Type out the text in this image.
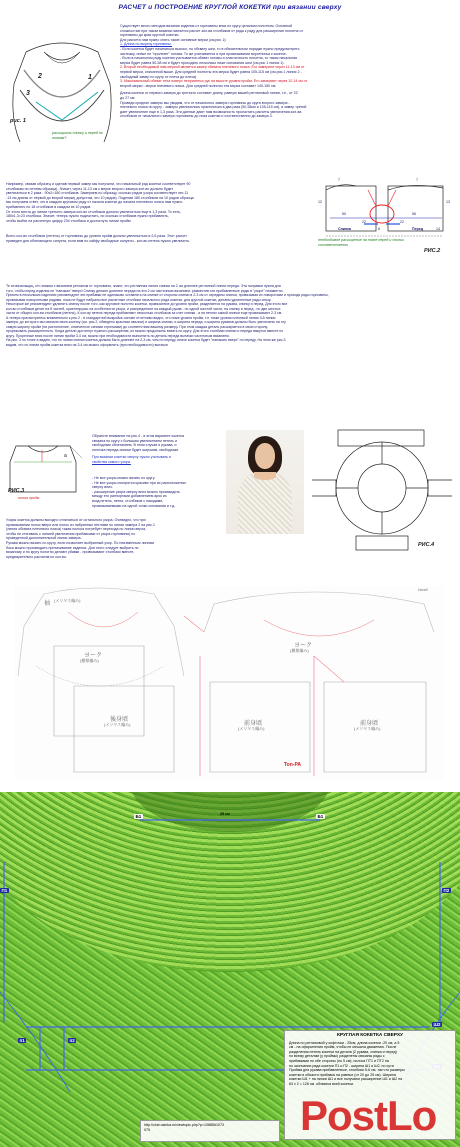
РАСЧЕТ и ПОСТРОЕНИЕ КРУГЛОЙ КОКЕТКИ при вязании сверху
1
2
3
рис. 1
расширить спинку и перед по линиям?
Существует много методов вязания изделия от горловины вниз по кругу цельным полотном. Основной
сложностью при таком вязании является расчет кол-ва столбиков от ряда к ряду для расширения полотна от
горловины до края круглой кокетки.
Для расчета нам нужно снять такие основные мерки (см.рис 1):
1. Длина по вырезу горловины.
- Если кокетка будет начинаться высоко, по обхвату шеи, то в обязательном порядке нужно предусмотреть
застежку, иначе не "пролезет" голова. То же учитывается и при провязывании воротничка к кокетке.
- Если в начальном ряду кокетки учитывается обхват головы и эластичность полотна, то такая начальная
мерка будет равна 50-58 см и будет проходить несколько ниже основания шеи (см.рис 1 линия 1).
2. Второй необходимой нам меркой является замер обхвата плечевого пояса. Его замеряют через 11-13 см от
первой мерки, описанной выше. Для средней полноты эта мерка будет равна 105-115 см (см.рис.1 линия 2 -
свободный замер по кругу от плеча до плеча)
3. Максимальный обхват тела поверх неприятных рук на высоте уровня пройм. Его замеряют через 12-14 см от
второй мерки - мерки плечевого пояса. Для средней полноты эта мерка составит 140-150 см.
Длина кокетки от первого замера до третьего составит длину, равную вашей реглановой линии, т.е., от 23
до 27 см.
Проведя средние замеры мы увидим, что от начального замера горловины до круга второго замера -
плечевого пояса по кругу - замеры увеличились практически в два раза (50-58см и 105-115 см), а замер третий
дает увеличение еще в 1,3 раза. Эти данные дают нам возможность просчитать расчеты увеличения кол-ва
столбиков от начального замера горловины до низа кокетки и соответственно до замера 3.
Например, связав образец и сделав первый замер мы получили, что начальный ряд кокетки соответствует 90
столбикам по петлям образца). Значит, через 11-13 см к мерке второго замера кол-во должно будет
увеличиться в 2 раза - 90х2=180 столбиков. Замеряем по образцу, сколько рядов узора соответствует эти 11
-13 см длины от первой до второй мерки( допустим, это 10 рядов). Поделив 180 столбиков на 10 рядов образца
мы получаем ответ, что в каждом круговом ряду от начала кокетки до начала плечевого пояса нам нужно
прибавлять по 18 столбиков в каждом из 10 рядов.
От этого места до линии третьего замера кол-во столбиков должно увеличиться еще в 1,3 раза. То есть,
180х1,3=23 столбика. Значит, теперь нужно подсчитать, по сколько столбиков нужно прибавлять,
чтобы выйти на расчетную цифру 234 столбика и достигнуть линии пройм.
Всего кол-во столбиков (петель) от горловины до уровня пройм должно увеличиться в 2,6 раза. Этот расчет
приведен для облегающего силуэта, если вам по кайфу свободные силуэты - кол-во петель нужно увеличить.
7	7
12	13
50	56
22	22
Спинка	Перед
6	14
необходимое расширение на поясе перед и спинки соответственно
РИС.2
Те из вязальщиц, кто знаком с вязанием регланом от горловины, знают, что регланная линия спинки на 2 см длиннее регланной линии переда. Эта поправка нужна для
того, чтобы перед изделия не "наезжал" вверх! Спинку делают длиннее переда на эти 2 см частичным вязанием, разместив эти прибавленные ряды в "узорe" незаметно.
Причем в нескольких изделиях рекомендуют эти прибавки не одинаково оставлять на спинке от стороны спинки в 2-3 см от середины спинки, провязывая их поворотами и проходя ряды горловины,
провязывая поворотными рядами, пока не будут набраны все расчетные столбики начального ряда кокетки, для круглой кокетки, делаем удлиненные ряды снизу.
Некоторые же рекомендуют удлинять спинку после того, как круговое полотно кокетки, провязанное до уровня пройм, разделяется на рукава, спинку и перед. Для этого все
кол-во столбиков делят на 6 частей, ориентируясь на особенности узора, и распределяют на каждый рукав - по одной шестой части, на спинку и перед - по две шестых
части от общего кол-ва столбиков (петель). К кол-ву петель переда прибавляют несколько столбиков за счет спинки , а на петлях самой спинки еще провязывают 2-3 см.
А теперь присмотритесь внимательно к рис.2 - в стандартной выкройке-основе отчетливо видно, что ниже уровня пройм, т.е. ниже уровня плечевой линии 3-й линии
замера, до которого мы связали свою кокетку (см. рис.2, обведено красным овалом) и ширина спинки, и ширина переда, и ширина рукавов должны быть увеличены на эту
самую ширину пройм (на растопление, отмеченное синими стрелками) до соответствия вашему размеру. При этом каждая деталь расширяется в свою сторону,
прорезывать расширенность. Когда детали достигнут нужного расширения, их можно продолжить вязать по кругу. Для этого столбики спинки и переда вяжутся вместе по
кругу. Прорезные вниз после линии пройм 3-4 см, можно при необходимости выполнить по деталь переда вытачки частичным вязанием.
На рис. 3 по точке а видим, что по линии спинки кокетка должна быть длиннее на 2-3 см, чем по переду, иначе кокетка будет "наезжать вверх" по переду. На этом же рис.3
видим, что по линии пройм кокетка вниз на 3-4 см можно оформлять (при необходимости) вытачки
a
РИС.3
линия пройм
Обратите внимание на рис.4 - в этом варианте кокетка
связана по кругу с большим увеличением петель и
свободным облеганием. В этом случаи и рукава, и
полочка переда-спинки будет широким, свободным.
При вязании кокетки сверху нужно учитывать и
свойства самого узора.
- Не все узоры можно вязать по кругу.
- Не все узоры смотрятся красиво при их расположении
сверху вниз.
- расширение узора сверху вниз можно производить
между его раппортами добавлением арок из
возд.петель, петли, столбиков с накидами,
провязываемыми на одной точки основания и т.д.
РИС.4
Узоры кокеток должны выгодно отличаться от остального узора. Очевидно, что при
провязывании полос вверх или полос из набранных петлями по линии замера 2 на рис.1
(линия обхвата плечевого пояса) такая полоса потребует перехода по линии верха,
чтобы не стягивать с линией увеличения прибавками от узора горловины) по
проведенной дополнительной линии замера.
Рукава можно вязать по кругу, если позволяет выбранный узор. По неизменным линиям
бока можно производить притачивание изделия. Для этого следует выбрать по
вязаному и по кругу полотно делают убавки - провязывают столбики вместе,
предварительно расчитав их кол-во.
袖
(メリヤス編み)
ヨーク
(模様編み)
ヨーク
(模様編み)
後身頃
(メリヤス編み)	前身頃
(メリヤス編み)
前身頃
(メリヤス編み)
Ton-PA
Hanell
25 см
Б1	Б1
П1	П2
Ш2
п1	п2
КРУГЛАЯ КОКЕТКА СВЕРХУ
Длина по реглановой у кофточки - 25см, длина кокетки -20 см, а 5
см - на оформления пройм, чтобы не мешала движению. После
разделения петель кокетки на детали (2 рукава, спинка и перед)
по всему деталям (у проймы) разделены связаны ряды с
прибавками по обе стороны (по 5 см), полоса ПТ1 и ПТ2 на
по окончании ряда кокетки П1 и П2 - ширина Ш1 и Ш2. по сути
Пройма для рукава прибавленные, столбики 5-6 см, так что размеры
кокетки в области прибавок на равных (от 20 до 25 см). Ширина
кокетки Ш1 + на линии Ш1 и все получаем расширение Ш1 и Ш2 на
63 х 2 = 126 см .обхватка всей кокетки.
http://club.osinka.ru/viewtopic.php?p=10885#1073
075	PostLo
